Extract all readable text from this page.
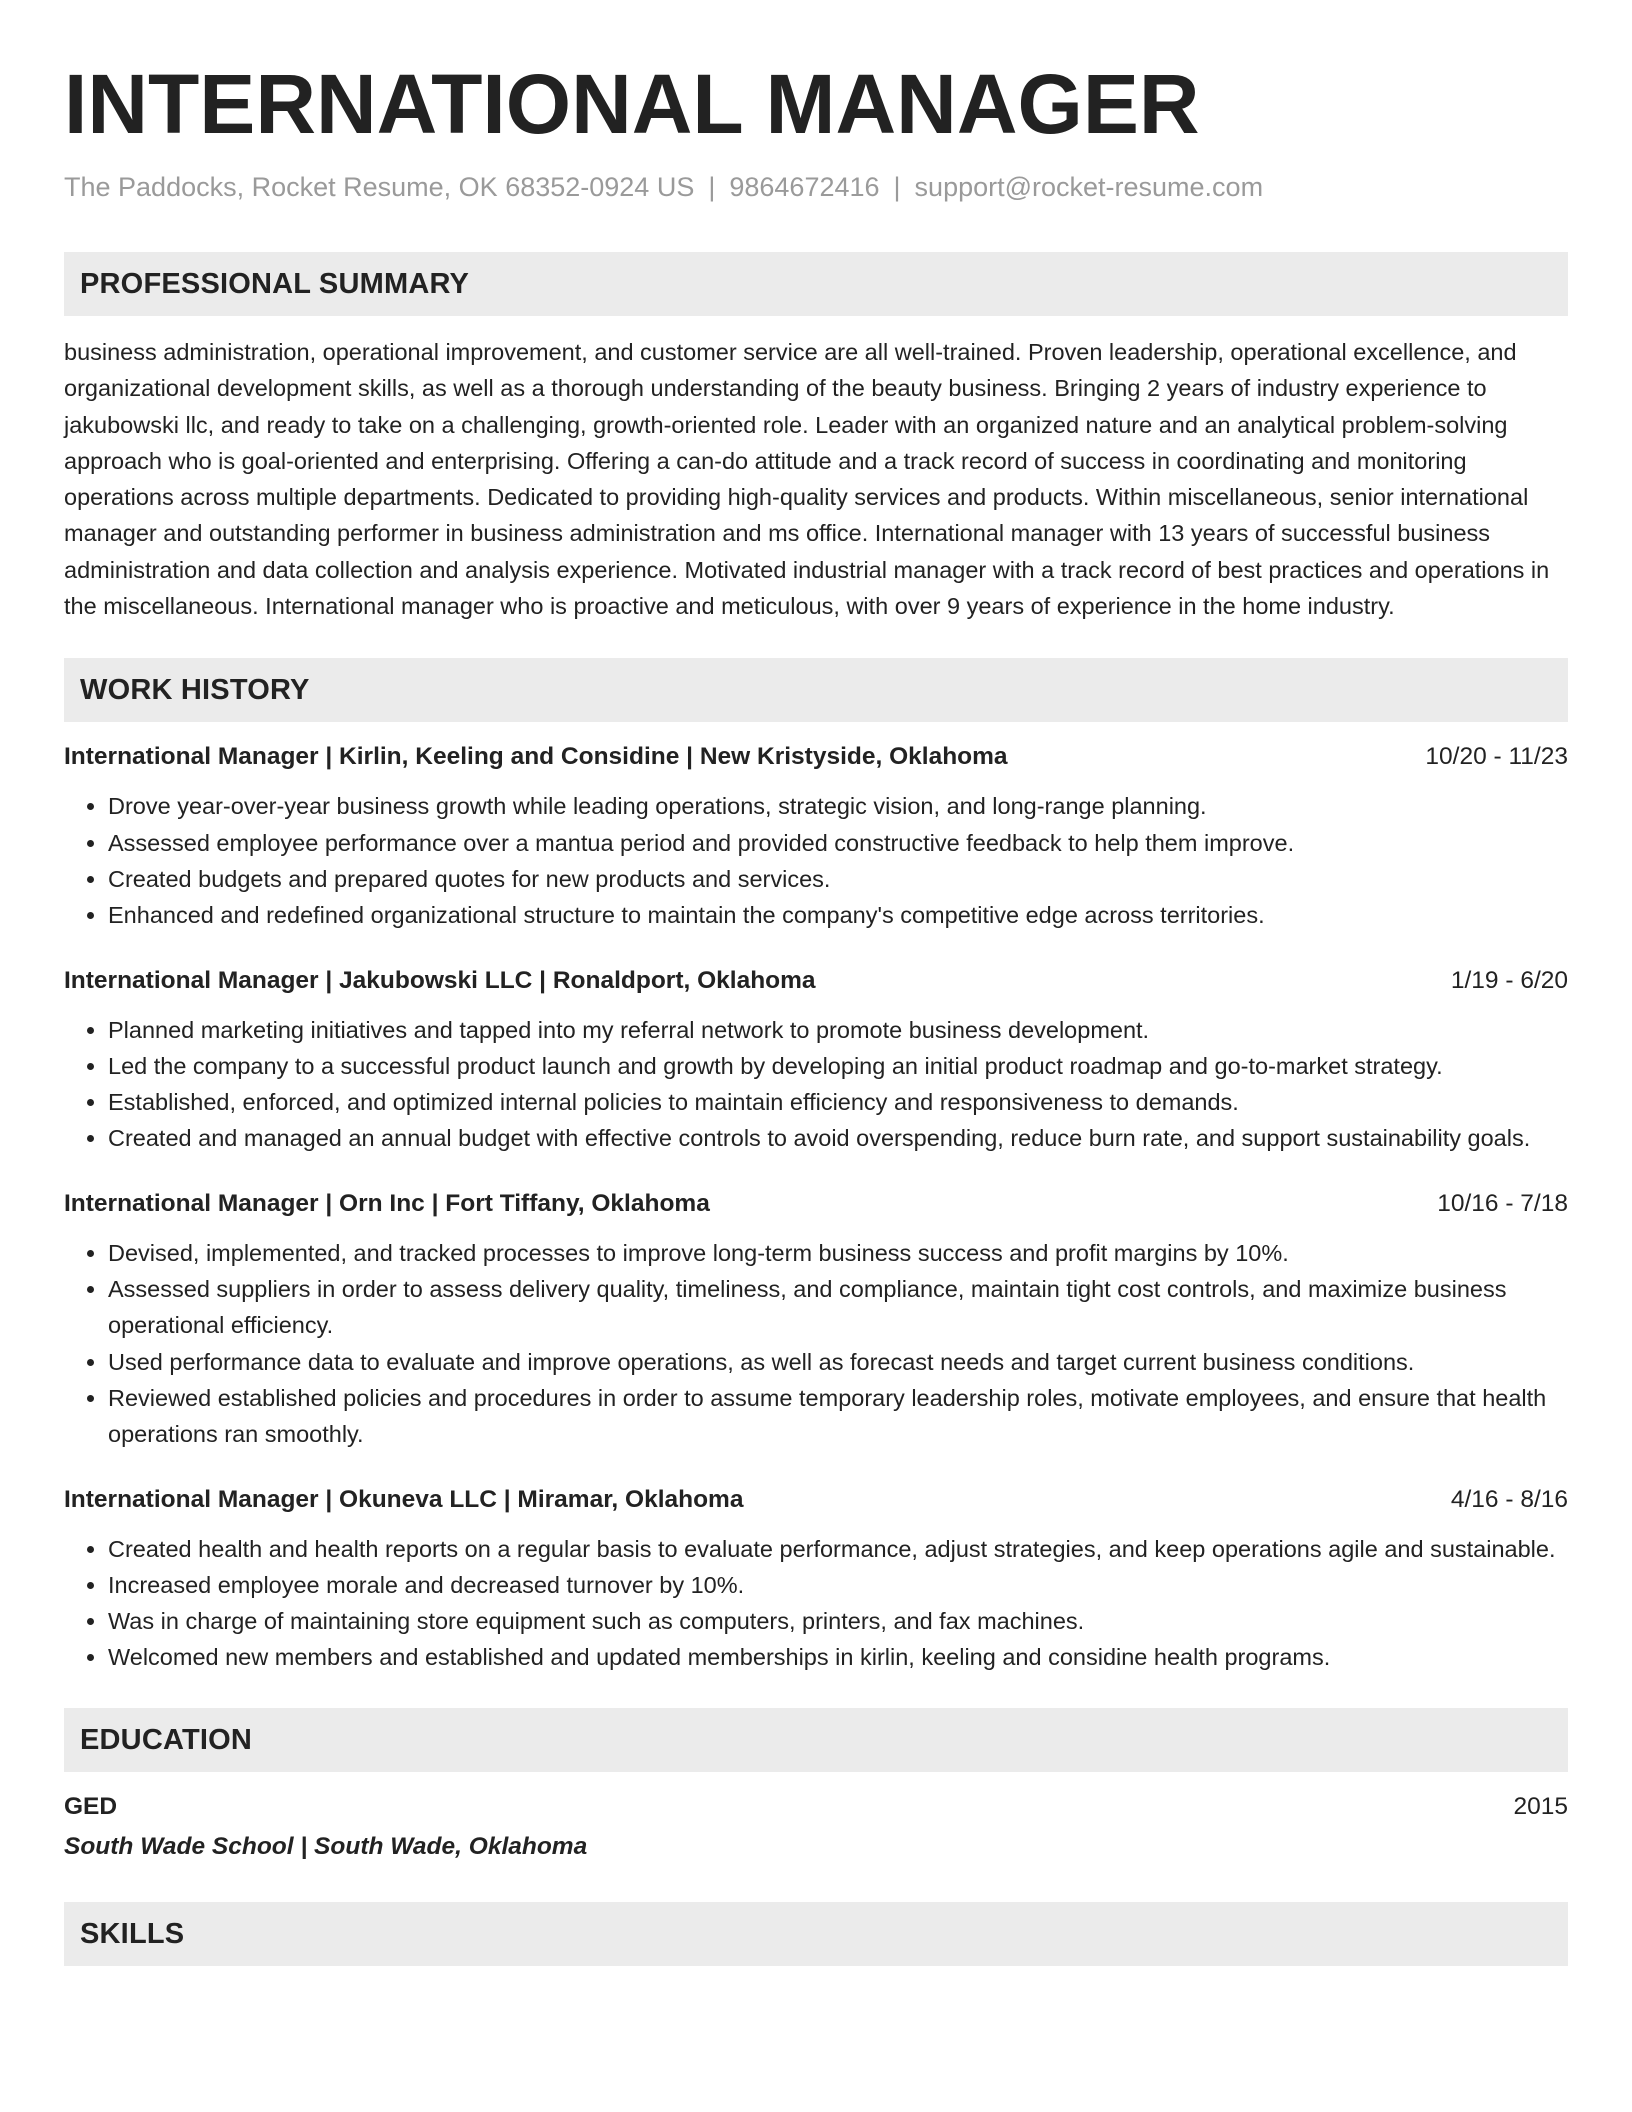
INTERNATIONAL MANAGER
The Paddocks, Rocket Resume, OK 68352-0924 US | 9864672416 | support@rocket-resume.com
PROFESSIONAL SUMMARY
business administration, operational improvement, and customer service are all well-trained. Proven leadership, operational excellence, and organizational development skills, as well as a thorough understanding of the beauty business. Bringing 2 years of industry experience to jakubowski llc, and ready to take on a challenging, growth-oriented role. Leader with an organized nature and an analytical problem-solving approach who is goal-oriented and enterprising. Offering a can-do attitude and a track record of success in coordinating and monitoring operations across multiple departments. Dedicated to providing high-quality services and products. Within miscellaneous, senior international manager and outstanding performer in business administration and ms office. International manager with 13 years of successful business administration and data collection and analysis experience. Motivated industrial manager with a track record of best practices and operations in the miscellaneous. International manager who is proactive and meticulous, with over 9 years of experience in the home industry.
WORK HISTORY
International Manager | Kirlin, Keeling and Considine | New Kristyside, Oklahoma	10/20 - 11/23
• Drove year-over-year business growth while leading operations, strategic vision, and long-range planning.
• Assessed employee performance over a mantua period and provided constructive feedback to help them improve.
• Created budgets and prepared quotes for new products and services.
• Enhanced and redefined organizational structure to maintain the company's competitive edge across territories.
International Manager | Jakubowski LLC | Ronaldport, Oklahoma	1/19 - 6/20
• Planned marketing initiatives and tapped into my referral network to promote business development.
• Led the company to a successful product launch and growth by developing an initial product roadmap and go-to-market strategy.
• Established, enforced, and optimized internal policies to maintain efficiency and responsiveness to demands.
• Created and managed an annual budget with effective controls to avoid overspending, reduce burn rate, and support sustainability goals.
International Manager | Orn Inc | Fort Tiffany, Oklahoma	10/16 - 7/18
• Devised, implemented, and tracked processes to improve long-term business success and profit margins by 10%.
• Assessed suppliers in order to assess delivery quality, timeliness, and compliance, maintain tight cost controls, and maximize business operational efficiency.
• Used performance data to evaluate and improve operations, as well as forecast needs and target current business conditions.
• Reviewed established policies and procedures in order to assume temporary leadership roles, motivate employees, and ensure that health operations ran smoothly.
International Manager | Okuneva LLC | Miramar, Oklahoma	4/16 - 8/16
• Created health and health reports on a regular basis to evaluate performance, adjust strategies, and keep operations agile and sustainable.
• Increased employee morale and decreased turnover by 10%.
• Was in charge of maintaining store equipment such as computers, printers, and fax machines.
• Welcomed new members and established and updated memberships in kirlin, keeling and considine health programs.
EDUCATION
GED	2015
South Wade School | South Wade, Oklahoma
SKILLS
